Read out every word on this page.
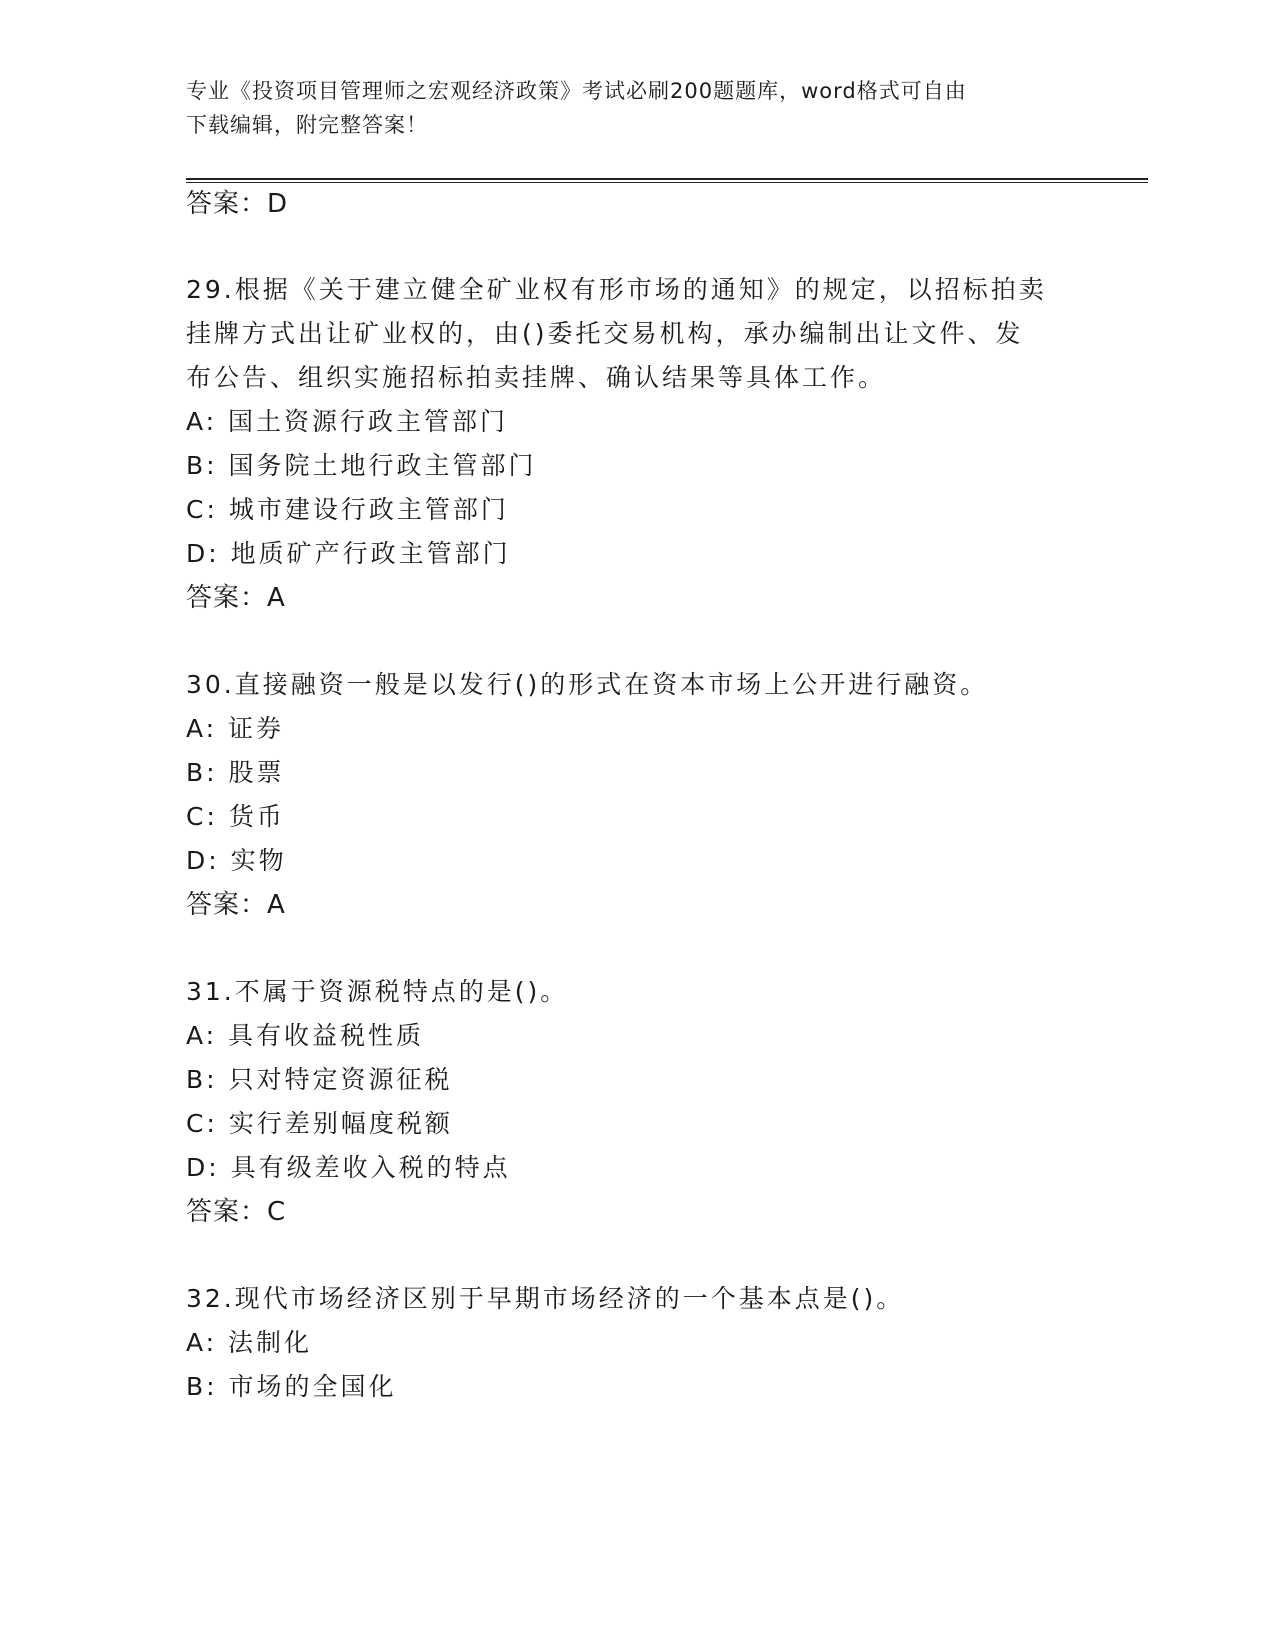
专业《投资项目管理师之宏观经济政策》考试必刷200题题库，word格式可自由
下载编辑，附完整答案！
答案：D
29.根据《关于建立健全矿业权有形市场的通知》的规定，以招标拍卖
挂牌方式出让矿业权的，由()委托交易机构，承办编制出让文件、发
布公告、组织实施招标拍卖挂牌、确认结果等具体工作。
A: 国土资源行政主管部门
B: 国务院土地行政主管部门
C: 城市建设行政主管部门
D: 地质矿产行政主管部门
答案：A
30.直接融资一般是以发行()的形式在资本市场上公开进行融资。
A: 证券
B: 股票
C: 货币
D: 实物
答案：A
31.不属于资源税特点的是()。
A: 具有收益税性质
B: 只对特定资源征税
C: 实行差别幅度税额
D: 具有级差收入税的特点
答案：C
32.现代市场经济区别于早期市场经济的一个基本点是()。
A: 法制化
B: 市场的全国化
